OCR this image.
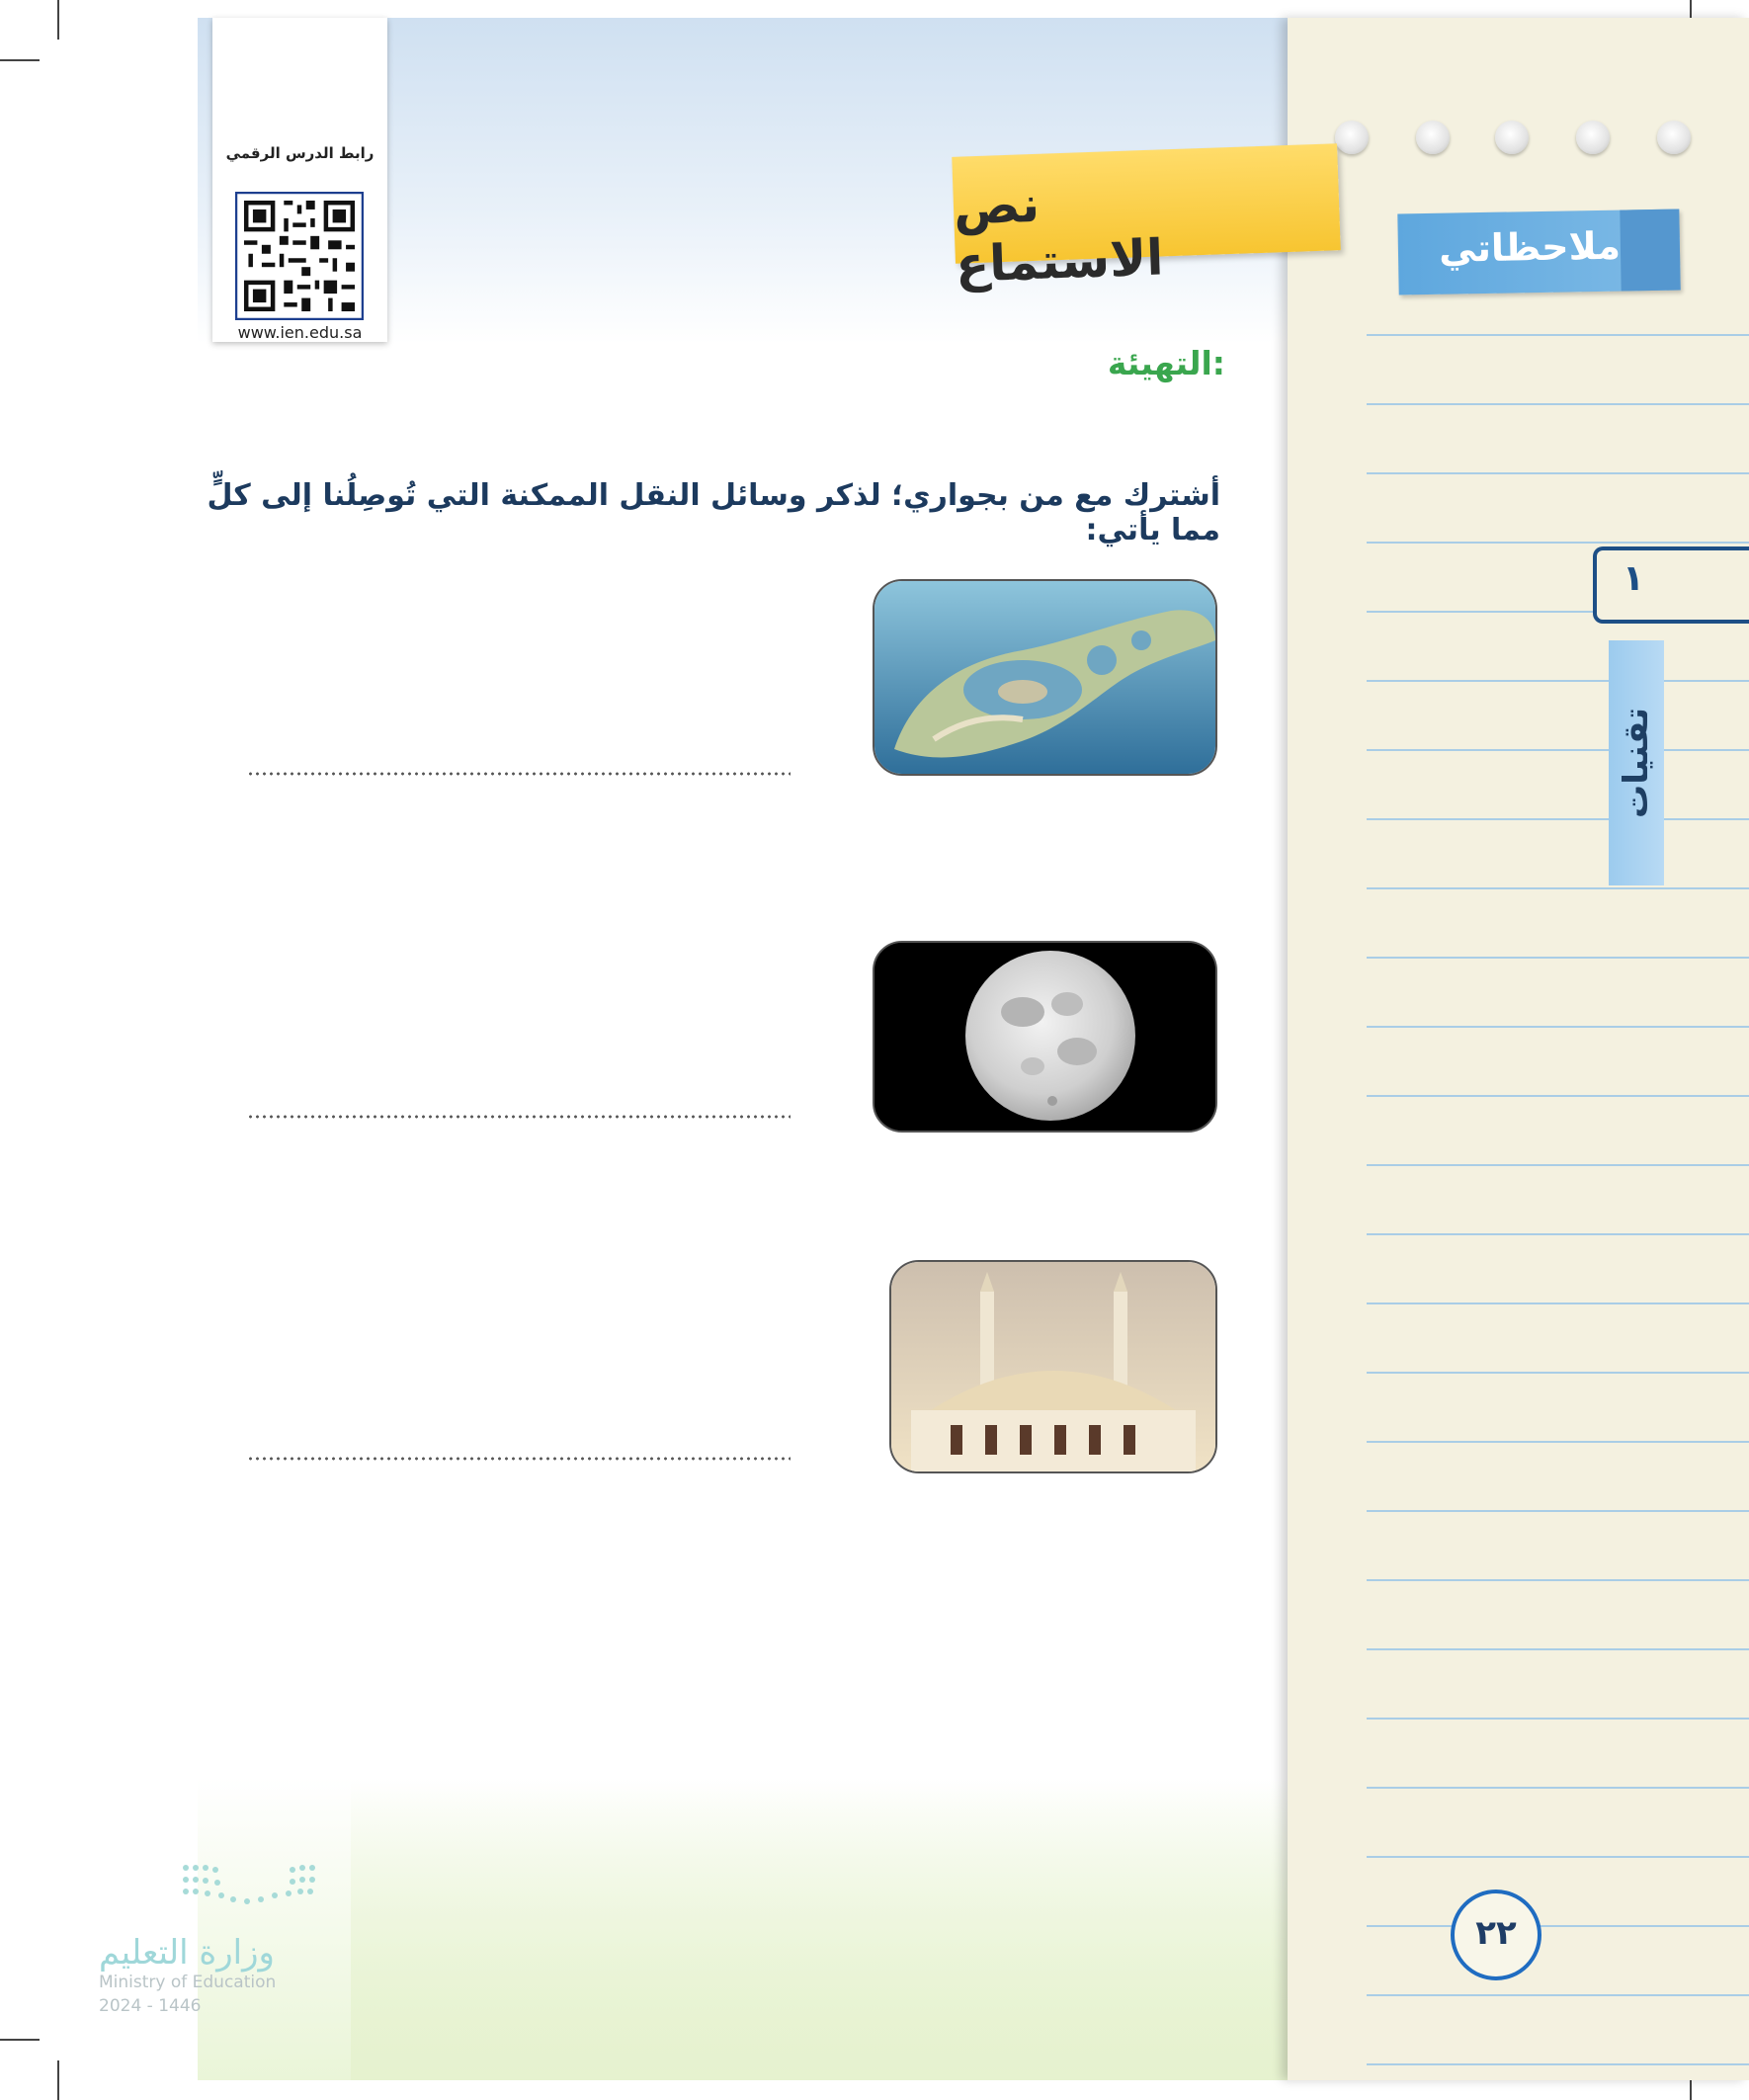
ملاحظاتي
١
تقنيات
٢٢
رابط الدرس الرقمي
www.ien.edu.sa
نص الاستماع
التهيئة:
أشترك مع من بجواري؛ لذكر وسائل النقل الممكنة التي تُوصِلُنا إلى كلٍّ مما يأتي:
وزارة التعليم
Ministry of Education
2024 - 1446
